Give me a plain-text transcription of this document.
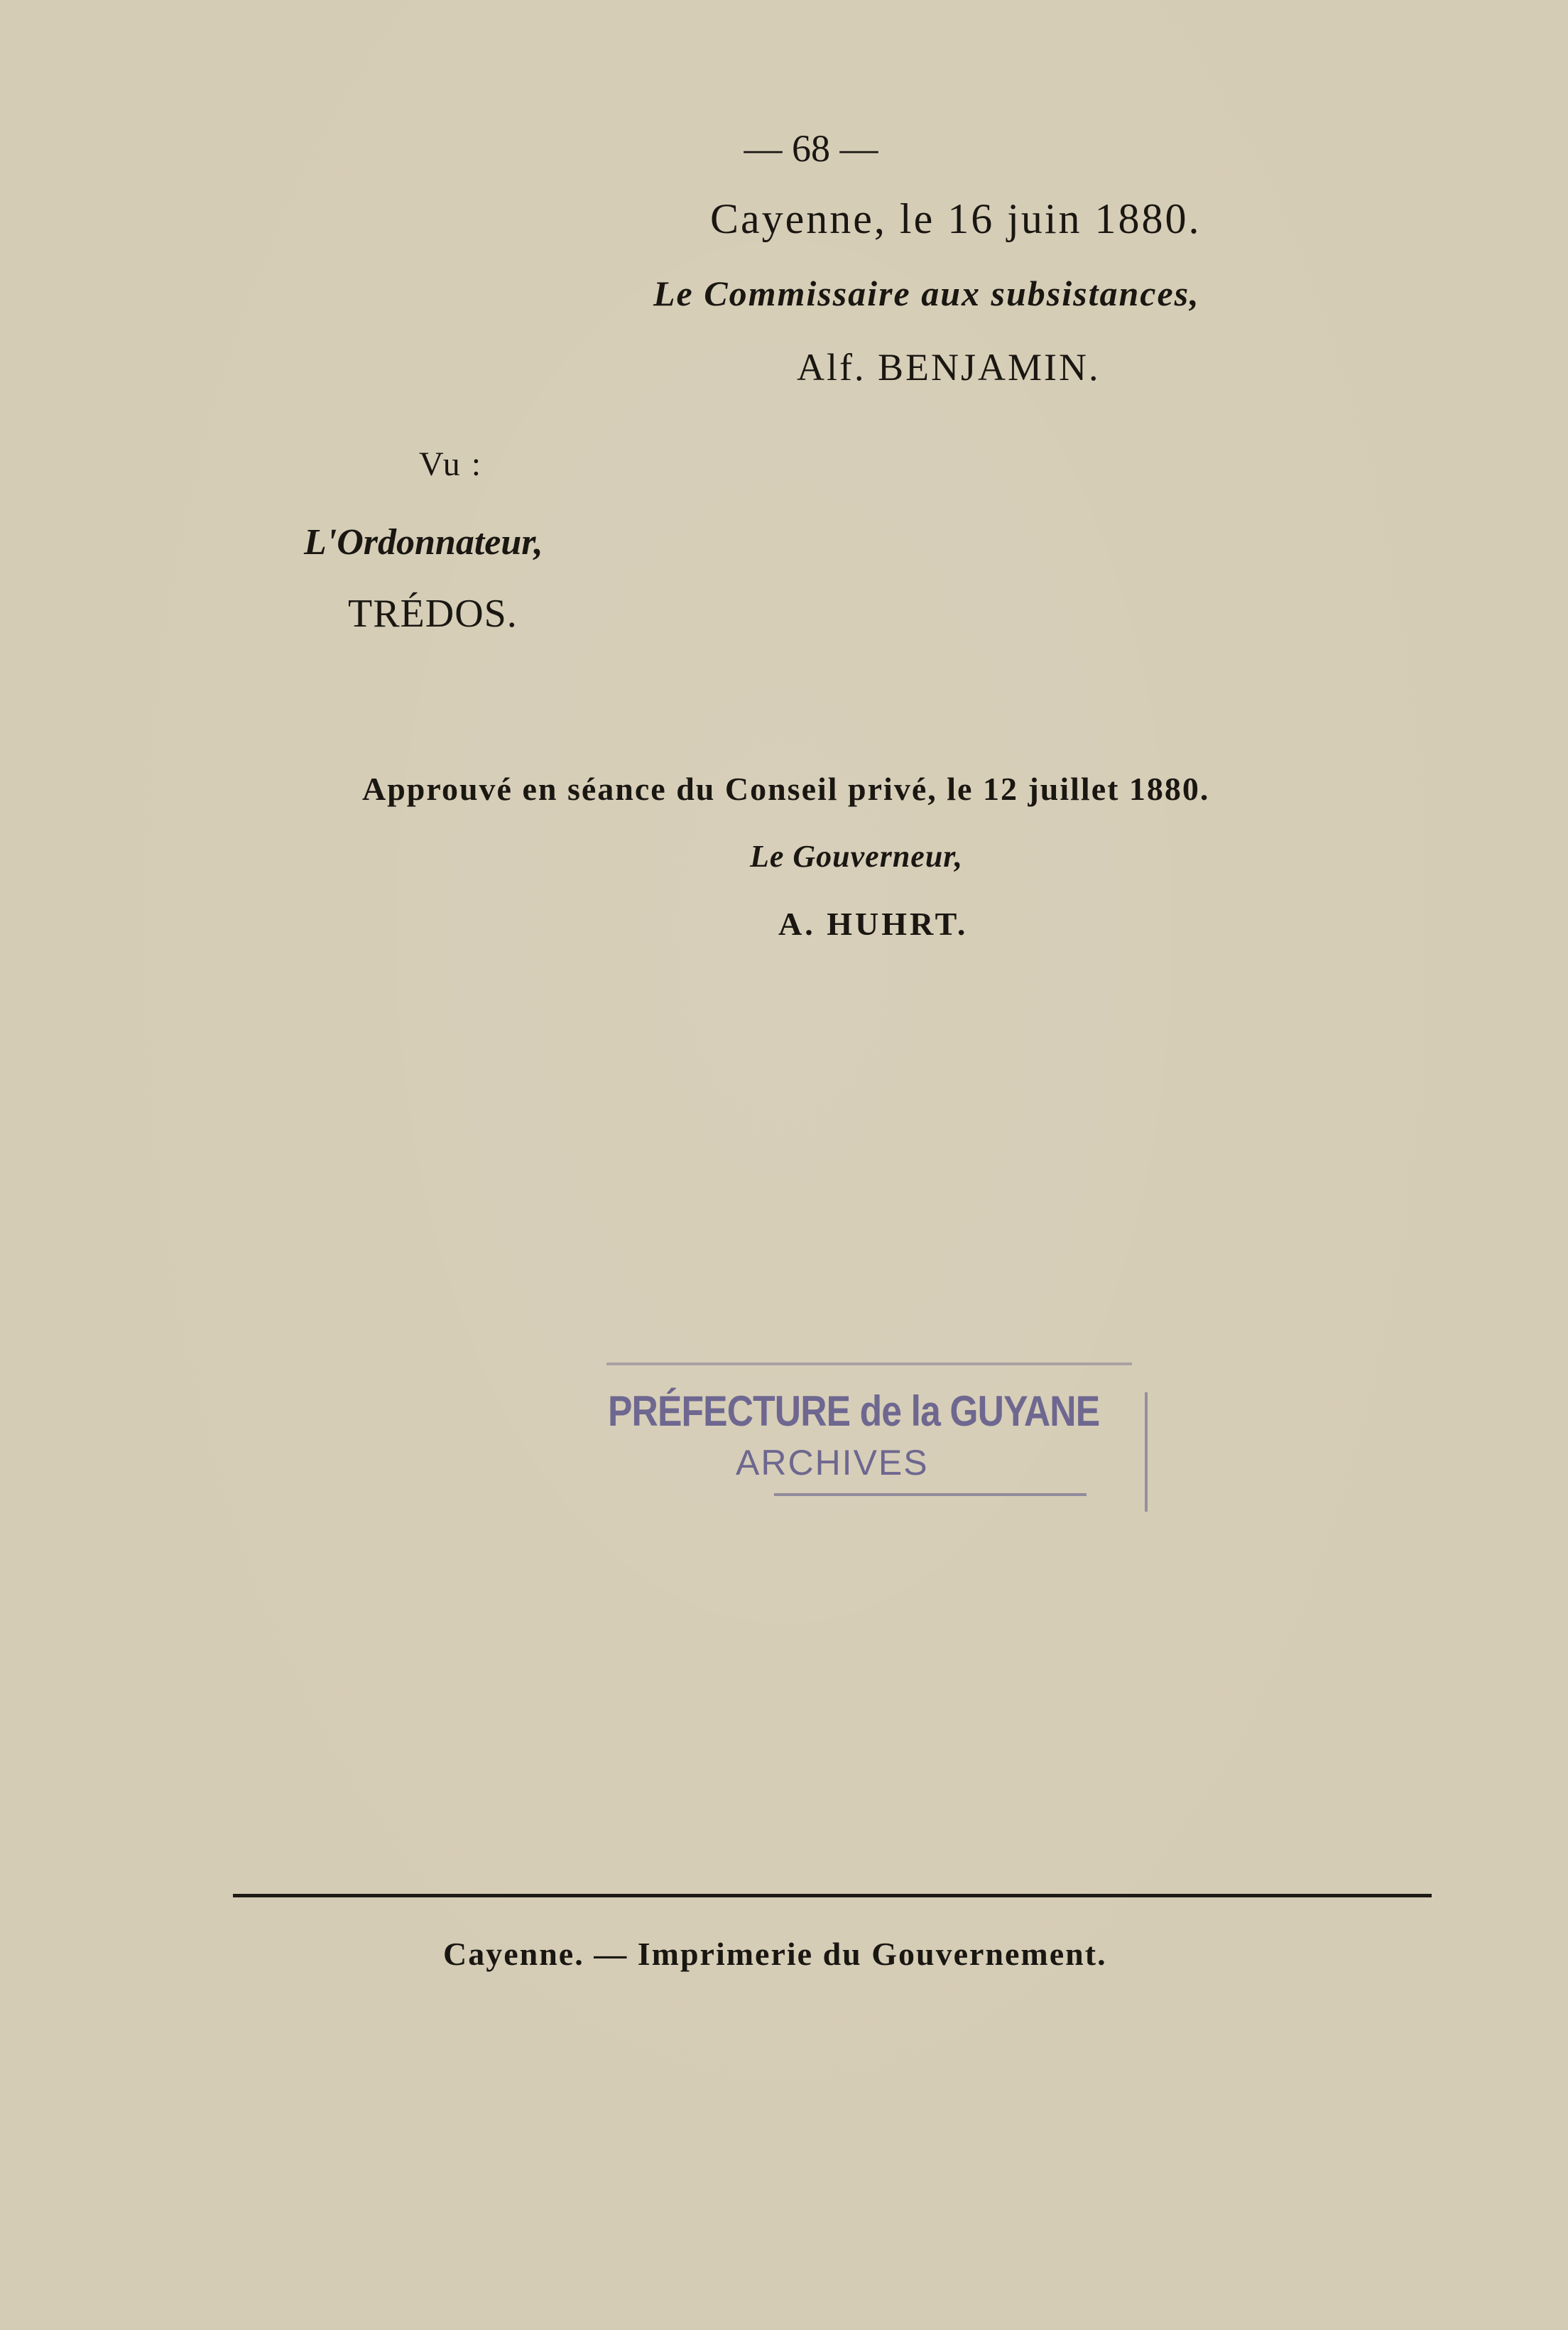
— 68 —
Cayenne, le 16 juin 1880.
Le Commissaire aux subsistances,
Alf. BENJAMIN.
Vu :
L'Ordonnateur,
TRÉDOS.
Approuvé en séance du Conseil privé, le 12 juillet 1880.
Le Gouverneur,
A. HUHRT.
PRÉFECTURE de la GUYANE
ARCHIVES
Cayenne. — Imprimerie du Gouvernement.
